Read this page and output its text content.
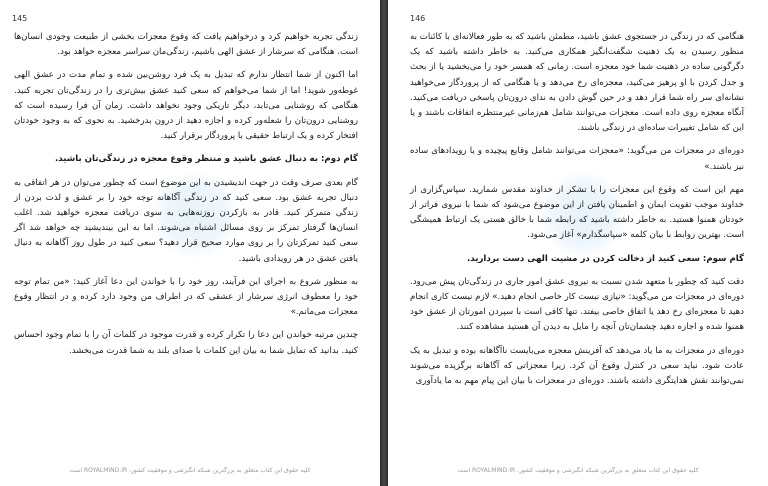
145

زندگی تجربه خواهیم کرد و درخواهیم یافت که وقوع معجزات بخشی از طبیعت وجودی انسان‌ها است. هنگامی که سرشار از عشق الهی باشیم، زندگی‌مان سراسر معجزه خواهد بود.

اما اکنون از شما انتظار ندارم که تبدیل به یک فرد روشن‌بین شده و تمام مدت در عشق الهی غوطه‌ور شوید! اما از شما می‌خواهم که سعی کنید عشق بیش‌تری را در زندگی‌تان تجربه کنید. هنگامی که روشنایی می‌تابد، دیگر تاریکی وجود نخواهد داشت. زمان آن فرا رسیده است که روشنایی درون‌تان را شعله‌ور کرده و اجازه دهید از درون بدرخشید. به نحوی که به وجود خودتان افتخار کرده و یک ارتباط حقیقی با پروردگار برقرار کنید.

گام دوم: به دنبال عشق باشید و منتظر وقوع معجزه در زندگی‌تان باشید.

گام بعدی صرف وقت در جهت اندیشیدن به این موضوع است که چطور می‌توان در هر اتفاقی به دنبال تجربه عشق بود. سعی کنید که در زندگی آگاهانه توجه خود را بر عشق و لذت بردن از زندگی متمرکز کنید. قادر به بازکردن روزنه‌هایی به سوی دریافت معجزه خواهید شد. اغلب انسان‌ها گرفتار تمرکز بر روی مسائل اشتباه می‌شوند. اما به این بیندیشید چه خواهد شد اگر سعی کنید تمرکزتان را بر روی موارد صحیح قرار دهید؟ سعی کنید در طول روز آگاهانه به دنبال یافتن عشق در هر رویدادی باشید.

به منظور شروع به اجرای این فرآیند، روز خود را با خواندن این دعا آغاز کنید: «من تمام توجه خود را معطوف انرژی سرشار از عشقی که در اطراف من وجود دارد کرده و در انتظار وقوع معجزات می‌مانم.»

چندین مرتبه خواندن این دعا را تکرار کرده و قدرت موجود در کلمات آن را با تمام وجود احساس کنید. بدانید که تمایل شما به بیان این کلمات با صدای بلند به شما قدرت می‌بخشد.

کلیه حقوق این کتاب متعلق به بزرگترین شبکه انگیزشی و موفقیت کشور، ROYALMIND.IR است
146

هنگامی که در زندگی در جستجوی عشق باشید، مطمئن باشید که به طور فعالانه‌ای با کائنات به منظور رسیدن به یک ذهنیت شگفت‌انگیز همکاری می‌کنید. به خاطر داشته باشید که یک دگرگونی ساده در ذهنیت شما خود معجزه است. زمانی که همسر خود را می‌بخشید یا از بحث و جدل کردن با او پرهیز می‌کنید، معجزه‌ای رخ می‌دهد و یا هنگامی که از پروردگار می‌خواهید نشانه‌ای سر راه شما قرار دهد و در حین گوش دادن به ندای درون‌تان پاسخی دریافت می‌کنید. آنگاه معجزه روی داده است. معجزات می‌توانند شامل هم‌زمانی غیرمنتظره اتفاقات باشند و یا این که شامل تغییرات ساده‌ای در زندگی باشند.

دوره‌ای در معجزات من می‌گوید: «معجزات می‌توانند شامل وقایع پیچیده و یا رویدادهای ساده نیز باشند.»

مهم این است که وقوع این معجزات را با تشکر از خداوند مقدس شمارید. سپاس‌گزاری از خداوند موجب تقویت ایمان و اطمینان یافتن از این موضوع می‌شود که شما با نیروی فراتر از خودتان همنوا هستید. به خاطر داشته باشید که رابطه شما با خالق هستی یک ارتباط همیشگی است. بهترین روابط با بیان کلمه «سپاسگذارم» آغاز می‌شود.

گام سوم: سعی کنید از دخالت کردن در مشیت الهی دست بردارید.

دقت کنید که چطور با متعهد شدن نسبت به نیروی عشق امور جاری در زندگی‌تان پیش می‌رود. دوره‌ای در معجزات من می‌گوید: «نیازی نیست کار خاصی انجام دهید.» لازم نیست کاری انجام دهید تا معجزه‌ای رخ دهد یا اتفاق خاصی بیفتد. تنها کافی است با سپردن امورتان از عشق خود همنوا شده و اجازه دهید چشمان‌تان آنچه را مایل به دیدن آن هستید مشاهده کنند.

دوره‌ای در معجزات به ما یاد می‌دهد که آفرینش معجزه می‌بایست ناآگاهانه بوده و تبدیل به یک عادت شود. نباید سعی در کنترل وقوع آن کرد. زیرا معجزاتی که آگاهانه برگزیده می‌شوند نمی‌توانند نقش هدایتگری داشته باشند. دوره‌ای در معجزات با بیان این پیام مهم به ما یادآوری

کلیه حقوق این کتاب متعلق به بزرگترین شبکه انگیزشی و موفقیت کشور، ROYALMIND.IR است
